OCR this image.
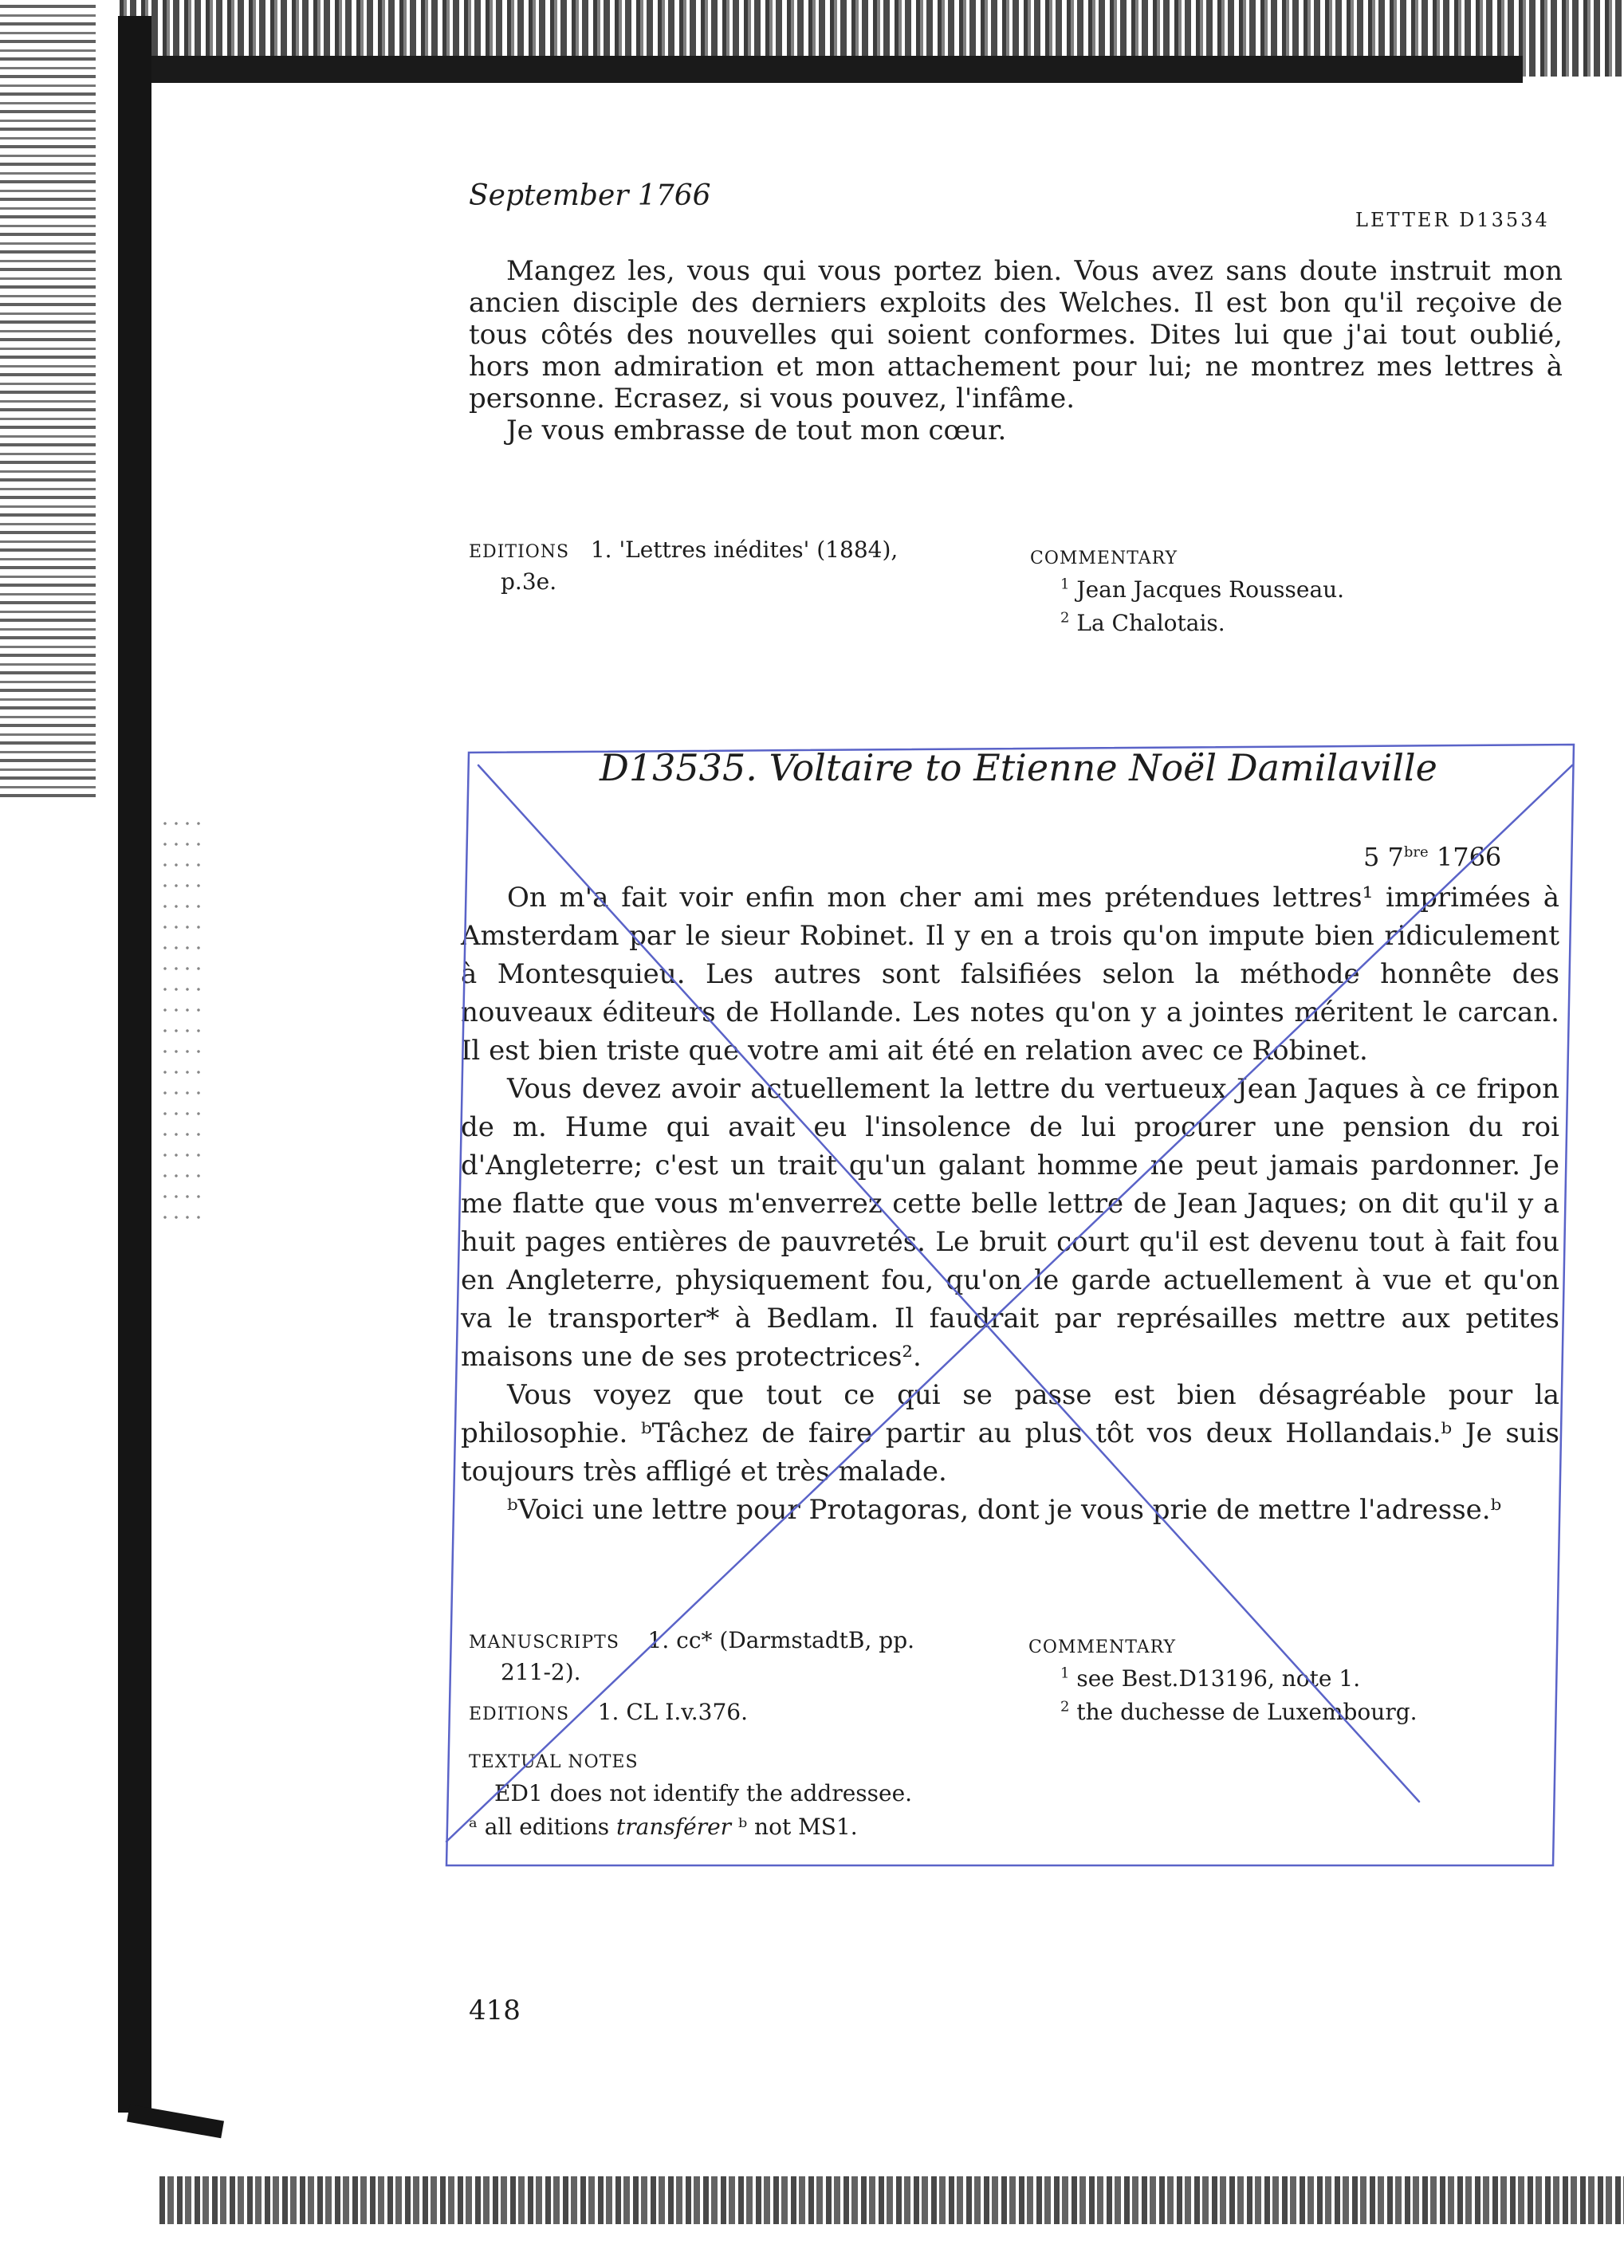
September 1766

LETTER D13534

Mangez les, vous qui vous portez bien. Vous avez sans doute instruit mon ancien disciple des derniers exploits des Welches. Il est bon qu'il reçoive de tous côtés des nouvelles qui soient conformes. Dites lui que j'ai tout oublié, hors mon admiration et mon attachement pour lui; ne montrez mes lettres à personne. Ecrasez, si vous pouvez, l'infâme.

Je vous embrasse de tout mon cœur.

EDITIONS 1. 'Lettres inédites' (1884),

p.3e.

COMMENTARY

$^1$ Jean Jacques Rousseau.

$^2$ La Chalotais.

D13535. Voltaire to Etienne Noël Damilaville

5 $7^{bre}$ 1766

On m'a fait voir enfin mon cher ami mes prétendues lettres¹ imprimées à Amsterdam par le sieur Robinet. Il y en a trois qu'on impute bien ridiculement à Montesquieu. Les autres sont falsifiées selon la méthode honnête des nouveaux éditeurs de Hollande. Les notes qu'on y a jointes méritent le carcan. Il est bien triste que votre ami ait été en relation avec ce Robinet.

Vous devez avoir actuellement la lettre du vertueux Jean Jaques à ce fripon de m. Hume qui avait eu l'insolence de lui procurer une pension du roi d'Angleterre; c'est un trait qu'un galant homme ne peut jamais pardonner. Je me flatte que vous m'enverrez cette belle lettre de Jean Jaques; on dit qu'il y a huit pages entières de pauvretés. Le bruit court qu'il est devenu tout à fait fou en Angleterre, physiquement fou, qu'on le garde actuellement à vue et qu'on va le transporter* à Bedlam. Il faudrait par représailles mettre aux petites maisons une de ses protectrices².

Vous voyez que tout ce qui se passe est bien désagréable pour la philosophie. ᵇTâchez de faire partir au plus tôt vos deux Hollandais.ᵇ Je suis toujours très affligé et très malade.

ᵇVoici une lettre pour Protagoras, dont je vous prie de mettre l'adresse.ᵇ

MANUSCRIPTS 1. cc* (DarmstadtB, pp.

211-2).

EDITIONS 1. CL I.v.376.

TEXTUAL NOTES

ED1 does not identify the addressee.

ᵃ all editions transférer ᵇ not MS1.

COMMENTARY

$^1$ see Best.D13196, note 1.

$^2$ the duchesse de Luxembourg.

418
